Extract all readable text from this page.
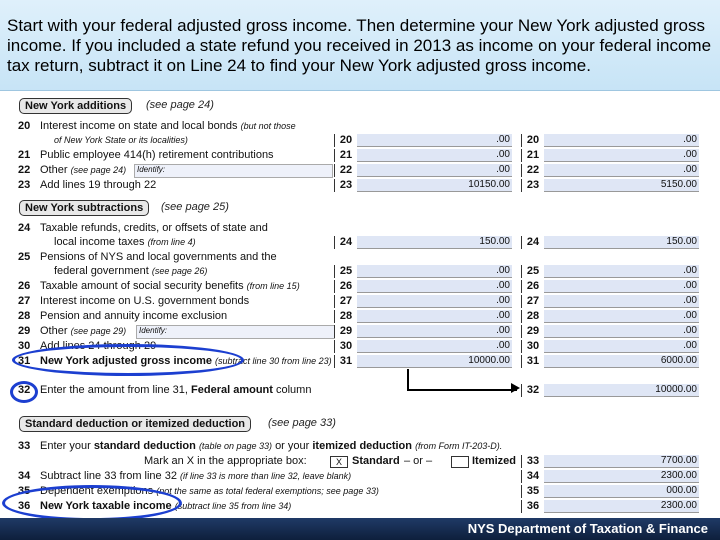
Start with your federal adjusted gross income. Then determine your New York adjusted gross income. If you included a state refund you received in 2013 as income on your federal income tax return, subtract it on Line 24 to find your New York adjusted gross income.

New York additions	(see page 24)
20 Interest income on state and local bonds (but not those
of New York State or its localities)	20	.00	20	.00
21 Public employee 414(h) retirement contributions	21	.00	21	.00
22 Other (see page 24)	Identify:	22	.00	22	.00
23 Add lines 19 through 22	23	10150.00	23	5150.00
New York subtractions	(see page 25)
24 Taxable refunds, credits, or offsets of state and
local income taxes (from line 4)	24	150.00	24	150.00
25 Pensions of NYS and local governments and the
federal government (see page 26)	25	.00	25	.00
26 Taxable amount of social security benefits (from line 15)	26	.00	26	.00
27 Interest income on U.S. government bonds	27	.00	27	.00
28 Pension and annuity income exclusion	28	.00	28	.00
29 Other (see page 29)	Identify:	29	.00	29	.00
30 Add lines 24 through 29	30	.00	30	.00
31 New York adjusted gross income (subtract line 30 from line 23) 31	10000.00	31	6000.00
32 Enter the amount from line 31, Federal amount column	32	10000.00
Standard deduction or itemized deduction	(see page 33)
33 Enter your standard deduction (table on page 33) or your itemized deduction (from Form IT-203-D).
Mark an X in the appropriate box:	X Standard – or –	Itemized 33	7700.00
34 Subtract line 33 from line 32 (if line 33 is more than line 32, leave blank)	34	2300.00
35 Dependent exemptions (not the same as total federal exemptions; see page 33)	35	000.00
36 New York taxable income (subtract line 35 from line 34)	36	2300.00
NYS Department of Taxation & Finance
